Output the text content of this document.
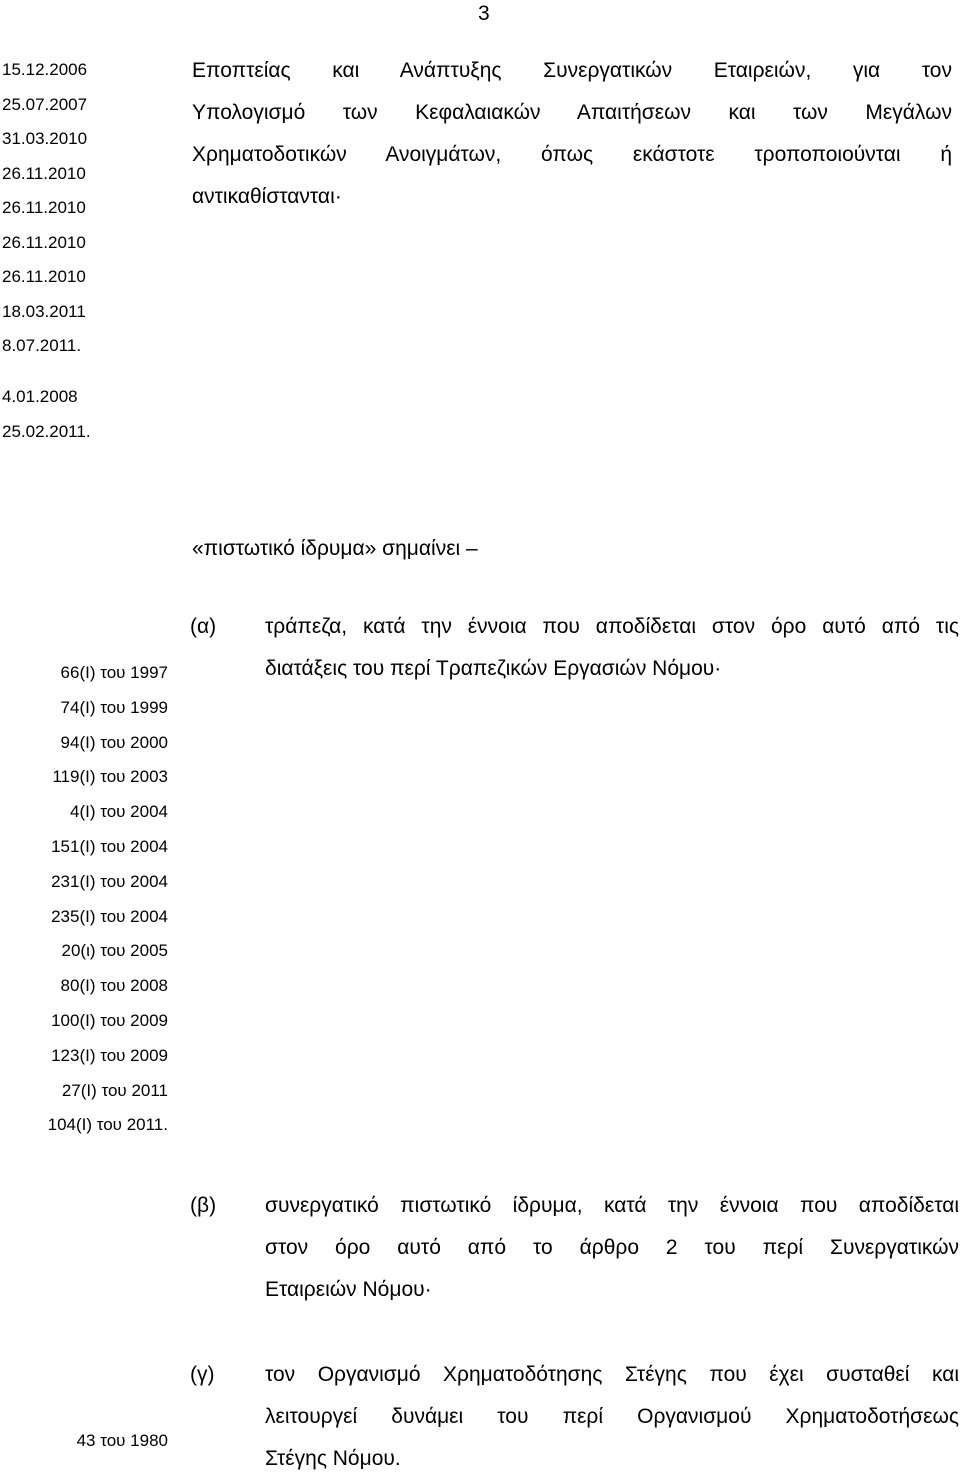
3
15.12.2006
25.07.2007
31.03.2010
26.11.2010
26.11.2010
26.11.2010
26.11.2010
18.03.2011
8.07.2011.
4.01.2008
25.02.2011.
Εποπτείας και Ανάπτυξης Συνεργατικών Εταιρειών, για τον
Υπολογισμό των Κεφαλαιακών Απαιτήσεων και των Μεγάλων
Χρηματοδοτικών Ανοιγμάτων, όπως εκάστοτε τροποποιούνται ή
αντικαθίστανται·
«πιστωτικό ίδρυμα» σημαίνει –
(α) τράπεζα, κατά την έννοια που αποδίδεται στον όρο αυτό από τις
διατάξεις του περί Τραπεζικών Εργασιών Νόμου·
66(I) του 1997
74(I) του 1999
94(I) του 2000
119(I) του 2003
4(I) του 2004
151(I) του 2004
231(I) του 2004
235(I) του 2004
20(ι) του 2005
80(I) του 2008
100(I) του 2009
123(I) του 2009
27(I) του 2011
104(I) του 2011.
(β) συνεργατικό πιστωτικό ίδρυμα, κατά την έννοια που αποδίδεται
στον όρο αυτό από το άρθρο 2 του περί Συνεργατικών
Εταιρειών Νόμου·
(γ) τον Οργανισμό Χρηματοδότησης Στέγης που έχει συσταθεί και
λειτουργεί δυνάμει του περί Οργανισμού Χρηματοδοτήσεως
Στέγης Νόμου.
43 του 1980
